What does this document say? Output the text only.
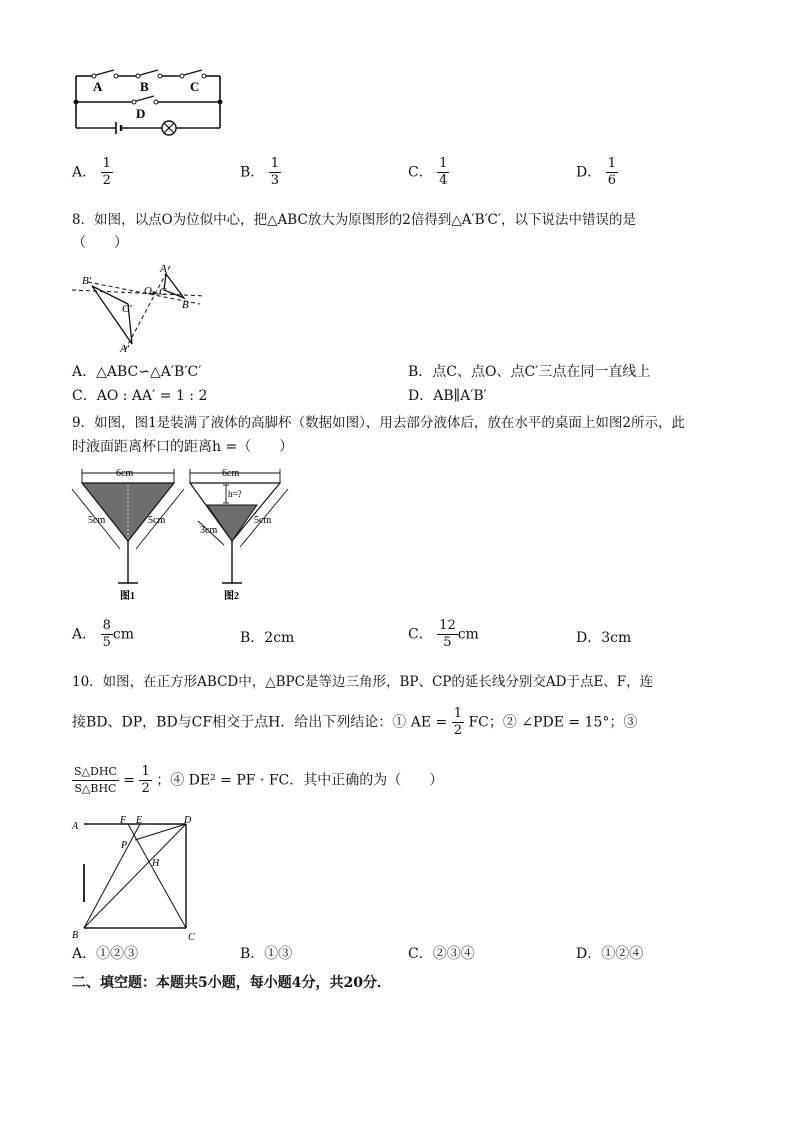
A	B	C
D
A． $\frac{1}{2}$	B． $\frac{1}{3}$	C． $\frac{1}{4}$	D． $\frac{1}{6}$
8．如图，以点O为位似中心，把△ABC放大为原图形的2倍得到△A′B′C′，以下说法中错误的是
（　　）
A
B
C
O
A′
B′
C′
A．△ABC∽△A′B′C′	B．点C、点O、点C′三点在同一直线上
C．AO : AA′ = 1 : 2	D．AB∥A′B′
9．如图，图1是装满了液体的高脚杯（数据如图），用去部分液体后，放在水平的桌面上如图2所示，此
时液面距离杯口的距离h =（　　）
6cm
5cm	5cm
图1
6cm
h=?
3cm
5cm
图2
A． $\frac{8}{5}$ cm	B．2cm	C． $\frac{12}{5}$ cm	D．3cm
10．如图，在正方形ABCD中，△BPC是等边三角形，BP、CP的延长线分别交AD于点E、F，连
接BD、DP，BD与CF相交于点H．给出下列结论：① AE = $\frac{1}{2}$ FC；② ∠PDE = 15°；③
$\frac{\text{S△DHC}}{\text{S△BHC}} = \frac{1}{2}$ ；④ DE² = PF · FC．其中正确的为（　　）
A
B	C
D
F E
P
H
A．①②③	B．①③	C．②③④	D．①②④
二、填空题：本题共5小题，每小题4分，共20分．
